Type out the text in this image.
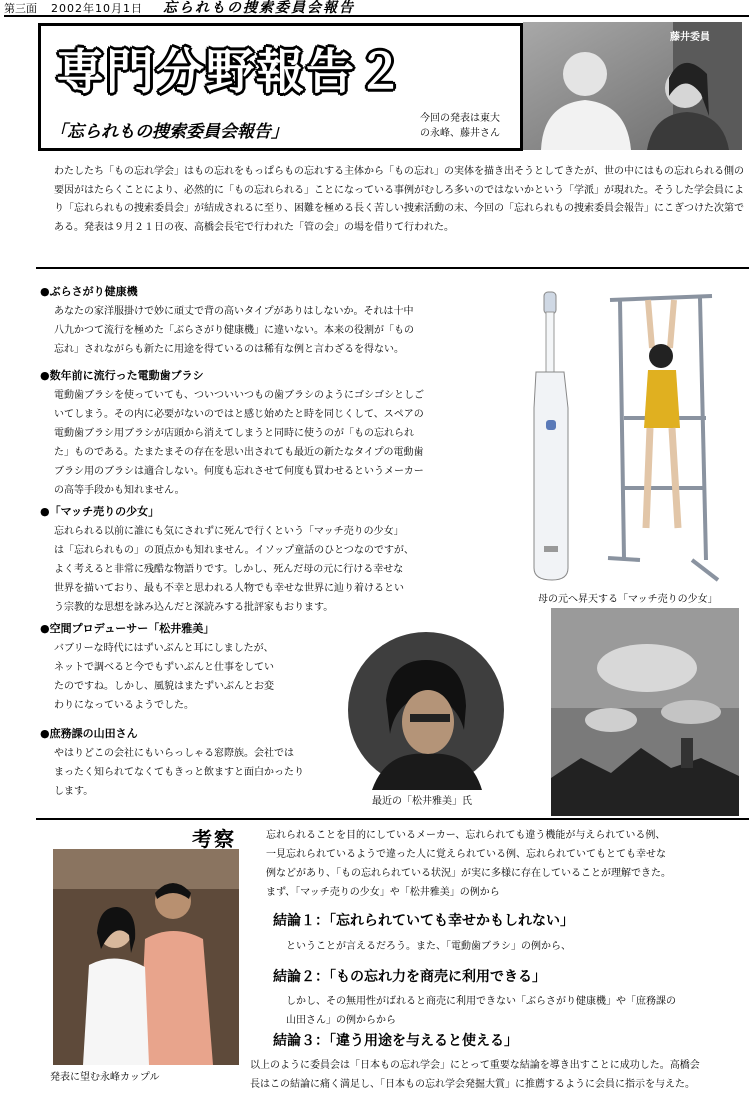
第三面 2002年10月1日 忘られもの捜索委員会報告
専門分野報告２
「忘られもの捜索委員会報告」
今回の発表は東大
の永峰、藤井さん
藤井委員
わたしたち「もの忘れ学会」はもの忘れをもっぱらもの忘れする主体から「もの忘れ」の実体を描き出そうとしてきたが、世の中にはもの忘れられる側の要因がはたらくことにより、必然的に「もの忘れられる」ことになっている事例がむしろ多いのではないかという「学派」が現れた。そうした学会員により「忘れられもの捜索委員会」が結成されるに至り、困難を極める長く苦しい捜索活動の末、今回の「忘れられもの捜索委員会報告」にこぎつけた次第である。発表は９月２１日の夜、高橋会長宅で行われた「管の会」の場を借りて行われた。
●ぶらさがり健康機
あなたの家洋服掛けで妙に頑丈で背の高いタイプがありはしないか。それは十中
八九かつて流行を極めた「ぶらさがり健康機」に違いない。本来の役割が「もの
忘れ」されながらも新たに用途を得ているのは稀有な例と言わざるを得ない。
●数年前に流行った電動歯ブラシ
電動歯ブラシを使っていても、ついついいつもの歯ブラシのようにゴシゴシとしご
いてしまう。その内に必要がないのではと感じ始めたと時を同じくして、スペアの
電動歯ブラシ用ブラシが店頭から消えてしまうと同時に使うのが「もの忘れられ
た」ものである。たまたまその存在を思い出されても最近の新たなタイプの電動歯
ブラシ用のブラシは適合しない。何度も忘れさせて何度も買わせるというメーカー
の高等手段かも知れません。
●「マッチ売りの少女」
忘れられる以前に誰にも気にされずに死んで行くという「マッチ売りの少女」
は「忘れられもの」の頂点かも知れません。イソップ童話のひとつなのですが、
よく考えると非常に残酷な物語りです。しかし、死んだ母の元に行ける幸せな
世界を描いており、最も不幸と思われる人物でも幸せな世界に辿り着けるとい
う宗教的な思想を詠み込んだと深読みする批評家もおります。
●空間プロデューサー「松井雅美」
バブリーな時代にはずいぶんと耳にしましたが、
ネットで調べると今でもずいぶんと仕事をしてい
たのですね。しかし、風貌はまたずいぶんとお変
わりになっているようでした。
●庶務課の山田さん
やはりどこの会社にもいらっしゃる窓際族。会社では
まったく知られてなくてもきっと飲ますと面白かったり
します。
母の元へ昇天する「マッチ売りの少女」
最近の「松井雅美」氏
発表に望む永峰カップル
考察	忘れられることを目的にしているメーカー、忘れられても違う機能が与えられている例、
一見忘れられているようで違った人に覚えられている例、忘れられていてもとても幸せな
例などがあり、「もの忘れられている状況」が実に多様に存在していることが理解できた。
まず、「マッチ売りの少女」や「松井雅美」の例から
結論１：「忘れられていても幸せかもしれない」
ということが言えるだろう。また、「電動歯ブラシ」の例から、
結論２：「もの忘れ力を商売に利用できる」
しかし、その無用性がばれると商売に利用できない「ぶらさがり健康機」や「庶務課の
山田さん」の例からから
結論３：「違う用途を与えると使える」
以上のように委員会は「日本もの忘れ学会」にとって重要な結論を導き出すことに成功した。高橋会
長はこの結論に痛く満足し、「日本もの忘れ学会発掘大賞」に推薦するように会員に指示を与えた。
